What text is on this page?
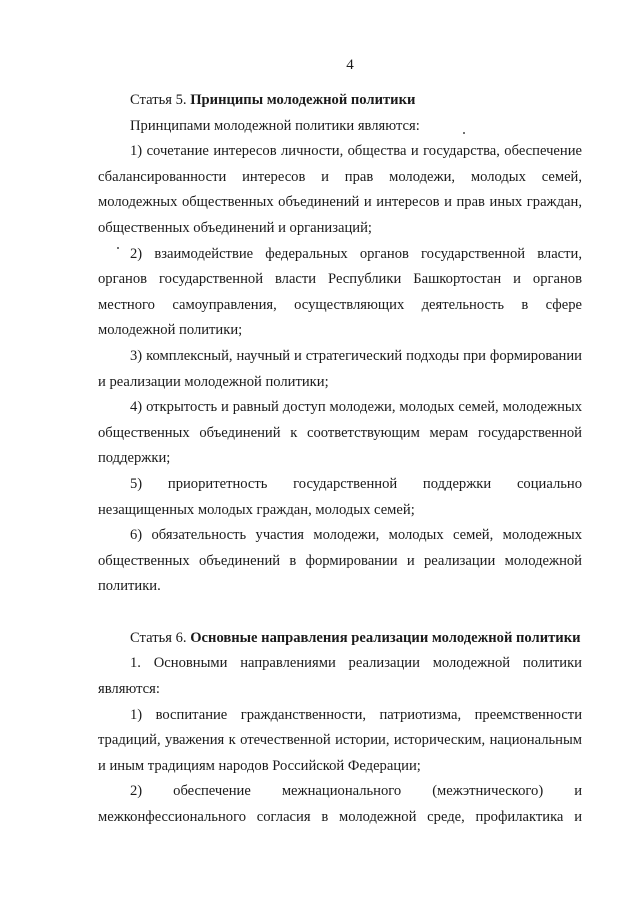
4
Статья 5. Принципы молодежной политики
Принципами молодежной политики являются:
1) сочетание интересов личности, общества и государства, обеспечение
сбалансированности интересов и прав молодежи, молодых семей,
молодежных общественных объединений и интересов и прав иных граждан,
общественных объединений и организаций;
2) взаимодействие федеральных органов государственной власти,
органов государственной власти Республики Башкортостан и органов
местного самоуправления, осуществляющих деятельность в сфере
молодежной политики;
3) комплексный, научный и стратегический подходы при формировании
и реализации молодежной политики;
4) открытость и равный доступ молодежи, молодых семей, молодежных
общественных объединений к соответствующим мерам государственной
поддержки;
5) приоритетность государственной поддержки социально
незащищенных молодых граждан, молодых семей;
6) обязательность участия молодежи, молодых семей, молодежных
общественных объединений в формировании и реализации молодежной
политики.
Статья 6. Основные направления реализации молодежной политики
1. Основными направлениями реализации молодежной политики
являются:
1) воспитание гражданственности, патриотизма, преемственности
традиций, уважения к отечественной истории, историческим, национальным
и иным традициям народов Российской Федерации;
2) обеспечение межнационального (межэтнического) и
межконфессионального согласия в молодежной среде, профилактика и
